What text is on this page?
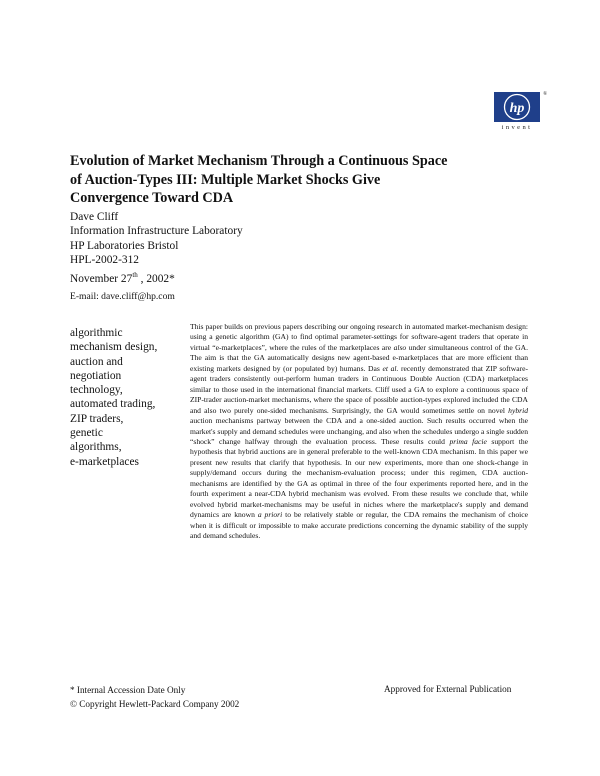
hp
®
invent
Evolution of Market Mechanism Through a Continuous Space of Auction-Types III: Multiple Market Shocks Give Convergence Toward CDA
Dave Cliff
Information Infrastructure Laboratory
HP Laboratories Bristol
HPL-2002-312
November 27th , 2002*
E-mail: dave.cliff@hp.com
algorithmic
mechanism design,
auction and
negotiation
technology,
automated trading,
ZIP traders,
genetic
algorithms,
e-marketplaces

This paper builds on previous papers describing our ongoing research in automated market-mechanism design: using a genetic algorithm (GA) to find optimal parameter-settings for software-agent traders that operate in virtual “e-marketplaces”, where the rules of the marketplaces are also under simultaneous control of the GA. The aim is that the GA automatically designs new agent-based e-marketplaces that are more efficient than existing markets designed by (or populated by) humans. Das et al. recently demonstrated that ZIP software-agent traders consistently out-perform human traders in Continuous Double Auction (CDA) marketplaces similar to those used in the international financial markets. Cliff used a GA to explore a continuous space of ZIP-trader auction-market mechanisms, where the space of possible auction-types explored included the CDA and also two purely one-sided mechanisms. Surprisingly, the GA would sometimes settle on novel hybrid auction mechanisms partway between the CDA and a one-sided auction. Such results occurred when the market's supply and demand schedules were unchanging, and also when the schedules undergo a single sudden “shock” change halfway through the evaluation process. These results could prima facie support the hypothesis that hybrid auctions are in general preferable to the well-known CDA mechanism. In this paper we present new results that clarify that hypothesis. In our new experiments, more than one shock-change in supply/demand occurs during the mechanism-evaluation process; under this regimen, CDA auction-mechanisms are identified by the GA as optimal in three of the four experiments reported here, and in the fourth experiment a near-CDA hybrid mechanism was evolved. From these results we conclude that, while evolved hybrid market-mechanisms may be useful in niches where the marketplace's supply and demand dynamics are known a priori to be relatively stable or regular, the CDA remains the mechanism of choice when it is difficult or impossible to make accurate predictions concerning the dynamic stability of the supply and demand schedules.

* Internal Accession Date Only
© Copyright Hewlett-Packard Company 2002
Approved for External Publication
